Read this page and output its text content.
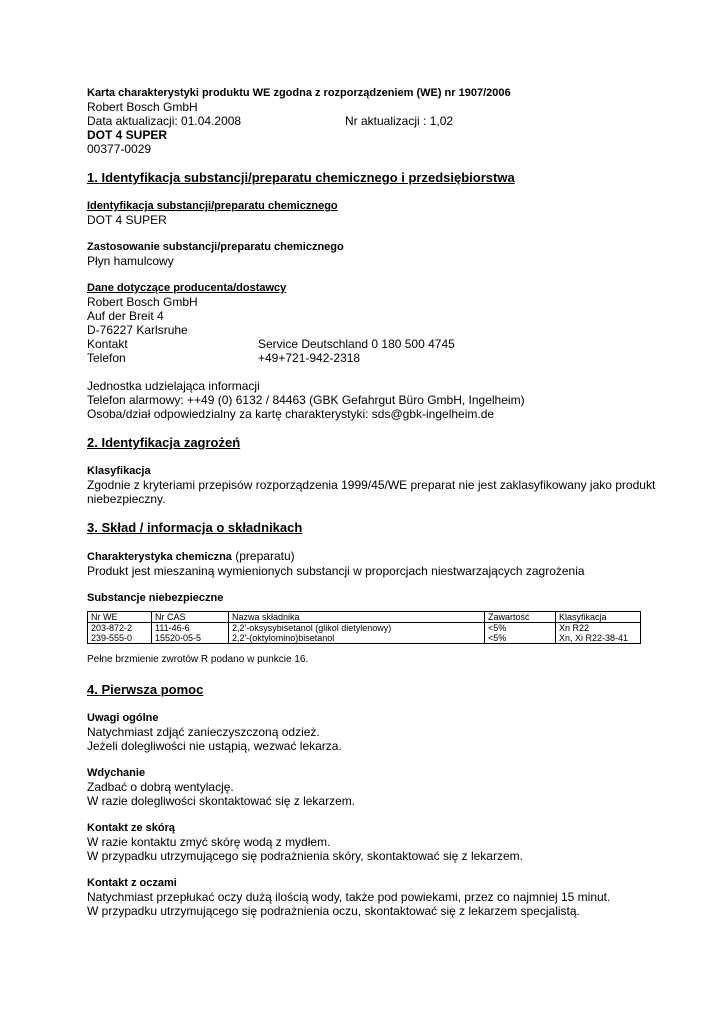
Karta charakterystyki produktu WE zgodna z rozporządzeniem (WE) nr 1907/2006
Robert Bosch GmbH
Data aktualizacji: 01.04.2008	Nr aktualizacji : 1,02
DOT 4 SUPER
00377-0029
1. Identyfikacja substancji/preparatu chemicznego i przedsiębiorstwa
Identyfikacja substancji/preparatu chemicznego
DOT 4 SUPER
Zastosowanie substancji/preparatu chemicznego
Płyn hamulcowy
Dane dotyczące producenta/dostawcy
Robert Bosch GmbH
Auf der Breit 4
D-76227 Karlsruhe
Kontakt	Service Deutschland 0 180 500 4745
Telefon	+49+721-942-2318
Jednostka udzielająca informacji
Telefon alarmowy: ++49 (0) 6132 / 84463 (GBK Gefahrgut Büro GmbH, Ingelheim)
Osoba/dział odpowiedzialny za kartę charakterystyki: sds@gbk-ingelheim.de
2. Identyfikacja zagrożeń
Klasyfikacja
Zgodnie z kryteriami przepisów rozporządzenia 1999/45/WE preparat nie jest zaklasyfikowany jako produkt
niebezpieczny.
3. Skład / informacja o składnikach
Charakterystyka chemiczna (preparatu)
Produkt jest mieszaniną wymienionych substancji w proporcjach niestwarzających zagrożenia
Substancje niebezpieczne
Nr WE	Nr CAS	Nazwa składnika	Zawartość	Klasyfikacja
203-872-2	111-46-6	2,2'-oksysybisetanol (glikol dietylenowy)	<5%	Xn R22
239-555-0	15520-05-5	2,2'-(oktylomino)bisetanol	<5%	Xn, Xi R22-38-41
Pełne brzmienie zwrotów R podano w punkcie 16.
4. Pierwsza pomoc
Uwagi ogólne
Natychmiast zdjąć zanieczyszczoną odzież.
Jeżeli dolegliwości nie ustąpią, wezwać lekarza.
Wdychanie
Zadbać o dobrą wentylację.
W razie dolegliwości skontaktować się z lekarzem.
Kontakt ze skórą
W razie kontaktu zmyć skórę wodą z mydłem.
W przypadku utrzymującego się podrażnienia skóry, skontaktować się z lekarzem.
Kontakt z oczami
Natychmiast przepłukać oczy dużą ilością wody, także pod powiekami, przez co najmniej 15 minut.
W przypadku utrzymującego się podrażnienia oczu, skontaktować się z lekarzem specjalistą.
